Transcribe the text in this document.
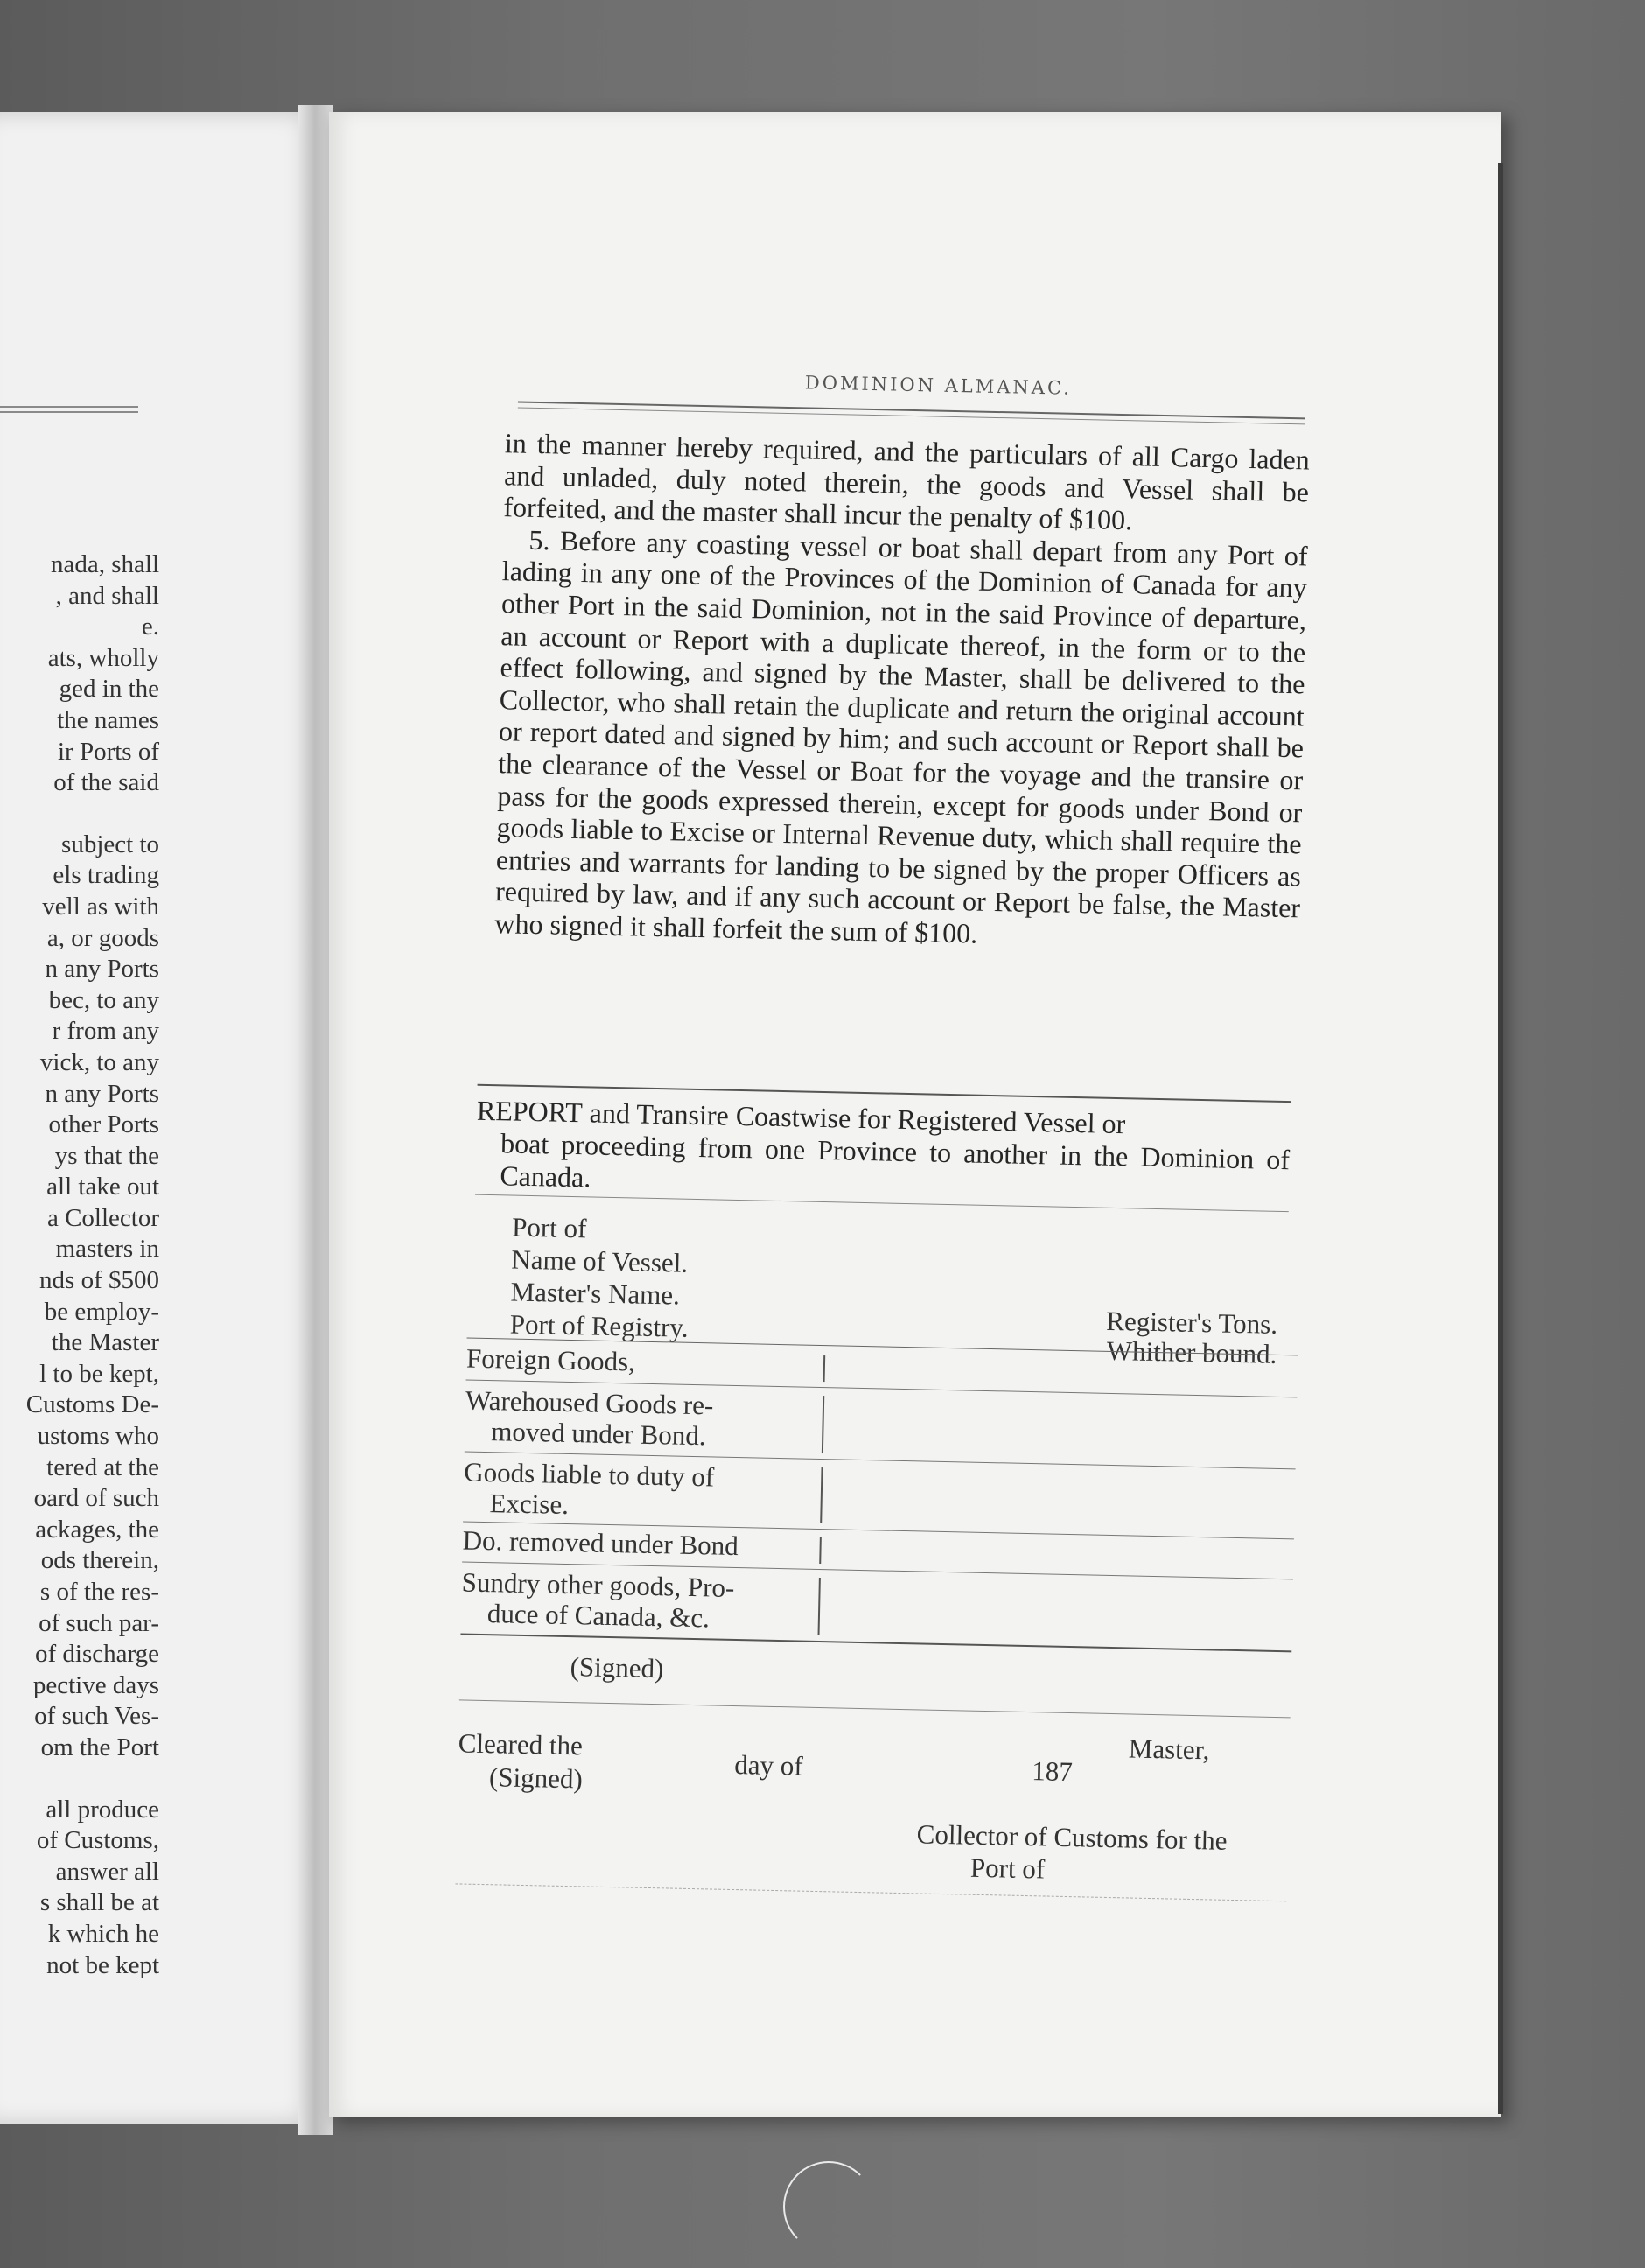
nada, shall
, and shall
e.
ats, wholly
ged in the
the names
ir Ports of
of the said
subject to
els trading
vell as with
a, or goods
n any Ports
bec, to any
r from any
vick, to any
n any Ports
other Ports
ys that the
all take out
a Collector
masters in
nds of $500
be employ-
the Master
l to be kept,
Customs De-
ustoms who
tered at the
oard of such
ackages, the
ods therein,
s of the res-
of such par-
of discharge
pective days
of such Ves-
om the Port
all produce
of Customs,
answer all
s shall be at
k which he
not be kept
DOMINION ALMANAC.

in the manner hereby required, and the particulars of all Cargo laden and unladed, duly noted therein, the goods and Vessel shall be forfeited, and the master shall incur the penalty of $100.

5. Before any coasting vessel or boat shall depart from any Port of lading in any one of the Provinces of the Dominion of Canada for any other Port in the said Dominion, not in the said Province of departure, an account or Report with a duplicate thereof, in the form or to the effect following, and signed by the Master, shall be delivered to the Collector, who shall retain the duplicate and return the original account or report dated and signed by him; and such account or Report shall be the clearance of the Vessel or Boat for the voyage and the transire or pass for the goods expressed therein, except for goods under Bond or goods liable to Excise or Internal Revenue duty, which shall require the entries and warrants for landing to be signed by the proper Officers as required by law, and if any such account or Report be false, the Master who signed it shall forfeit the sum of $100.

REPORT and Transire Coastwise for Registered Vessel or
boat proceeding from one Province to another in the Dominion of Canada.
Port of
Name of Vessel.
Master's Name.
Port of Registry.	Register's Tons.
Whither bound.
Foreign Goods,
Warehoused Goods re-
moved under Bond.
Goods liable to duty of
Excise.
Do. removed under Bond
Sundry other goods, Pro-
duce of Canada, &c.
(Signed)
Cleared the
(Signed)	day of	187
Master,
Collector of Customs for the
Port of
